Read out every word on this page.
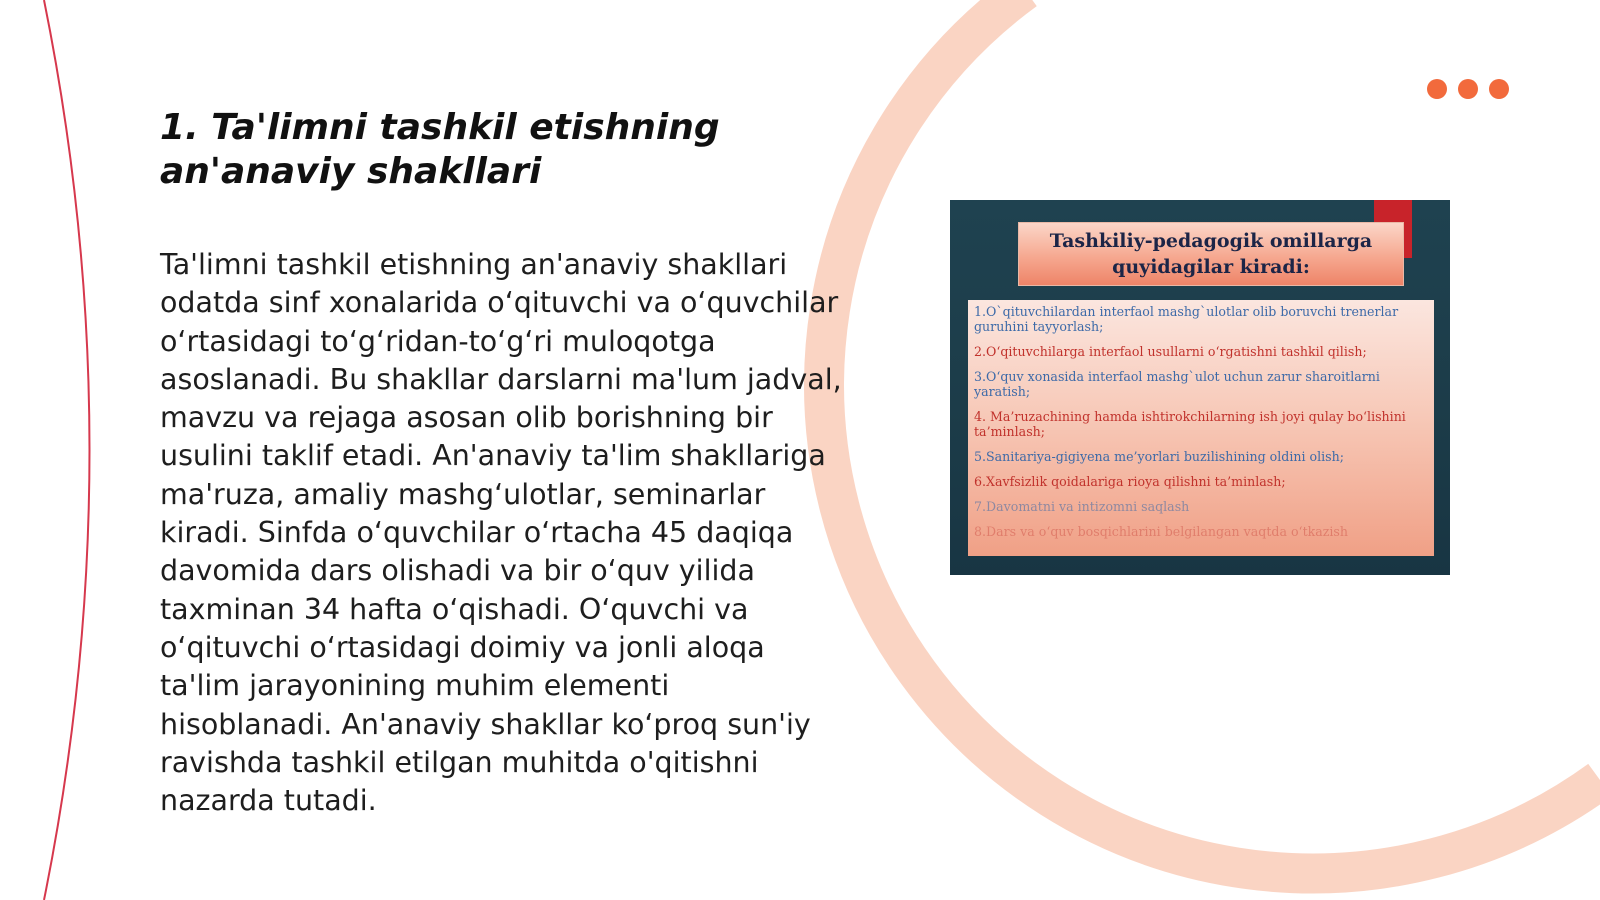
1. Ta'limni tashkil etishning an'anaviy shakllari

Ta'limni tashkil etishning an'anaviy shakllari odatda sinf xonalarida o‘qituvchi va o‘quvchilar o‘rtasidagi to‘g‘ridan-to‘g‘ri muloqotga asoslanadi. Bu shakllar darslarni ma'lum jadval, mavzu va rejaga asosan olib borishning bir usulini taklif etadi. An'anaviy ta'lim shakllariga ma'ruza, amaliy mashg‘ulotlar, seminarlar kiradi. Sinfda o‘quvchilar o‘rtacha 45 daqiqa davomida dars olishadi va bir o‘quv yilida taxminan 34 hafta o‘qishadi. O‘quvchi va o‘qituvchi o‘rtasidagi doimiy va jonli aloqa ta'lim jarayonining muhim elementi hisoblanadi. An'anaviy shakllar ko‘proq sun'iy ravishda tashkil etilgan muhitda o'qitishni nazarda tutadi.

Tashkiliy-pedagogik omillarga quyidagilar kiradi:
1.O`qituvchilardan interfaol mashg`ulotlar olib boruvchi trenerlar guruhini tayyorlash;
2.O‘qituvchilarga interfaol usullarni o‘rgatishni tashkil qilish;
3.O‘quv xonasida interfaol mashg`ulot uchun zarur sharoitlarni yaratish;
4. Ma’ruzachining hamda ishtirokchilarning ish joyi qulay bo‘lishini ta’minlash;
5.Sanitariya-gigiyena me’yorlari buzilishining oldini olish;
6.Xavfsizlik qoidalariga rioya qilishni ta’minlash;
7.Davomatni va intizomni saqlash
8.Dars va o‘quv bosqichlarini belgilangan vaqtda o‘tkazish
